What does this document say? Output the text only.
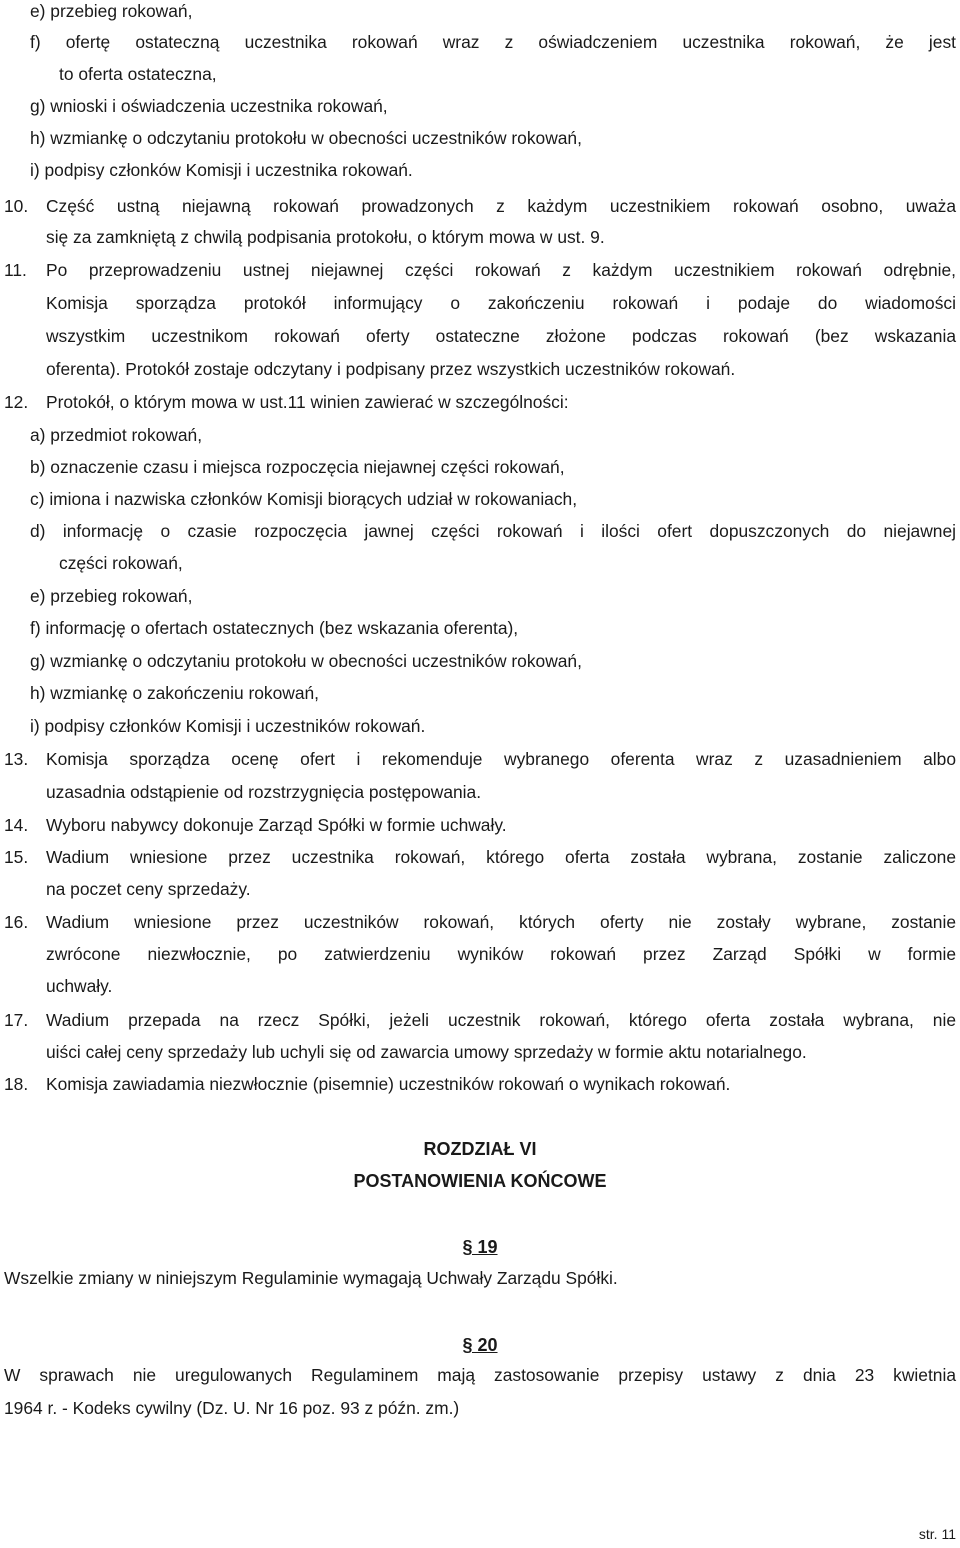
e) przebieg rokowań,
f) ofertę ostateczną uczestnika rokowań wraz z oświadczeniem uczestnika rokowań, że jest
to oferta ostateczna,
g) wnioski i oświadczenia uczestnika rokowań,
h) wzmiankę o odczytaniu protokołu w obecności uczestników rokowań,
i) podpisy członków Komisji i uczestnika rokowań.
10. Część ustną niejawną rokowań prowadzonych z każdym uczestnikiem rokowań osobno, uważa
się za zamkniętą z chwilą podpisania protokołu, o którym mowa w ust. 9.
11. Po przeprowadzeniu ustnej niejawnej części rokowań z każdym uczestnikiem rokowań odrębnie,
Komisja sporządza protokół informujący o zakończeniu rokowań i podaje do wiadomości
wszystkim uczestnikom rokowań oferty ostateczne złożone podczas rokowań (bez wskazania
oferenta). Protokół zostaje odczytany i podpisany przez wszystkich uczestników rokowań.
12. Protokół, o którym mowa w ust.11 winien zawierać w szczególności:
a) przedmiot rokowań,
b) oznaczenie czasu i miejsca rozpoczęcia niejawnej części rokowań,
c) imiona i nazwiska członków Komisji biorących udział w rokowaniach,
d) informację o czasie rozpoczęcia jawnej części rokowań i ilości ofert dopuszczonych do niejawnej
części rokowań,
e) przebieg rokowań,
f) informację o ofertach ostatecznych (bez wskazania oferenta),
g) wzmiankę o odczytaniu protokołu w obecności uczestników rokowań,
h) wzmiankę o zakończeniu rokowań,
i) podpisy członków Komisji i uczestników rokowań.
13. Komisja sporządza ocenę ofert i rekomenduje wybranego oferenta wraz z uzasadnieniem albo
uzasadnia odstąpienie od rozstrzygnięcia postępowania.
14. Wyboru nabywcy dokonuje Zarząd Spółki w formie uchwały.
15. Wadium wniesione przez uczestnika rokowań, którego oferta została wybrana, zostanie zaliczone
na poczet ceny sprzedaży.
16. Wadium wniesione przez uczestników rokowań, których oferty nie zostały wybrane, zostanie
zwrócone niezwłocznie, po zatwierdzeniu wyników rokowań przez Zarząd Spółki w formie
uchwały.
17. Wadium przepada na rzecz Spółki, jeżeli uczestnik rokowań, którego oferta została wybrana, nie
uiści całej ceny sprzedaży lub uchyli się od zawarcia umowy sprzedaży w formie aktu notarialnego.
18. Komisja zawiadamia niezwłocznie (pisemnie) uczestników rokowań o wynikach rokowań.
ROZDZIAŁ VI
POSTANOWIENIA KOŃCOWE
§ 19
Wszelkie zmiany w niniejszym Regulaminie wymagają Uchwały Zarządu Spółki.
§ 20
W sprawach nie uregulowanych Regulaminem mają zastosowanie przepisy ustawy z dnia 23 kwietnia
1964 r. - Kodeks cywilny (Dz. U. Nr 16 poz. 93 z późn. zm.)
str. 11
